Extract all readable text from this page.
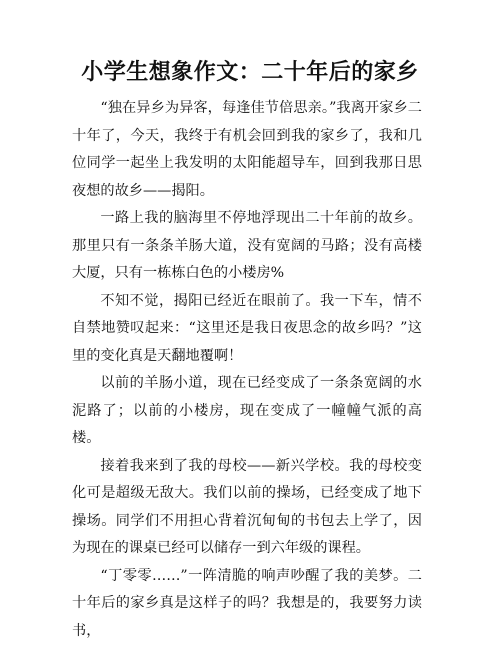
小学生想象作文：二十年后的家乡

“独在异乡为异客，每逢佳节倍思亲。”我离开家乡二十年了，今天，我终于有机会回到我的家乡了，我和几位同学一起坐上我发明的太阳能超导车，回到我那日思夜想的故乡——揭阳。

一路上我的脑海里不停地浮现出二十年前的故乡。那里只有一条条羊肠大道，没有宽阔的马路；没有高楼大厦，只有一栋栋白色的小楼房%

不知不觉，揭阳已经近在眼前了。我一下车，情不自禁地赞叹起来：“这里还是我日夜思念的故乡吗？”这里的变化真是天翻地覆啊！

以前的羊肠小道，现在已经变成了一条条宽阔的水泥路了；以前的小楼房，现在变成了一幢幢气派的高楼。

接着我来到了我的母校——新兴学校。我的母校变化可是超级无敌大。我们以前的操场，已经变成了地下操场。同学们不用担心背着沉甸甸的书包去上学了，因为现在的课桌已经可以储存一到六年级的课程。

“丁零零……”一阵清脆的响声吵醒了我的美梦。二十年后的家乡真是这样子的吗？我想是的，我要努力读书，
